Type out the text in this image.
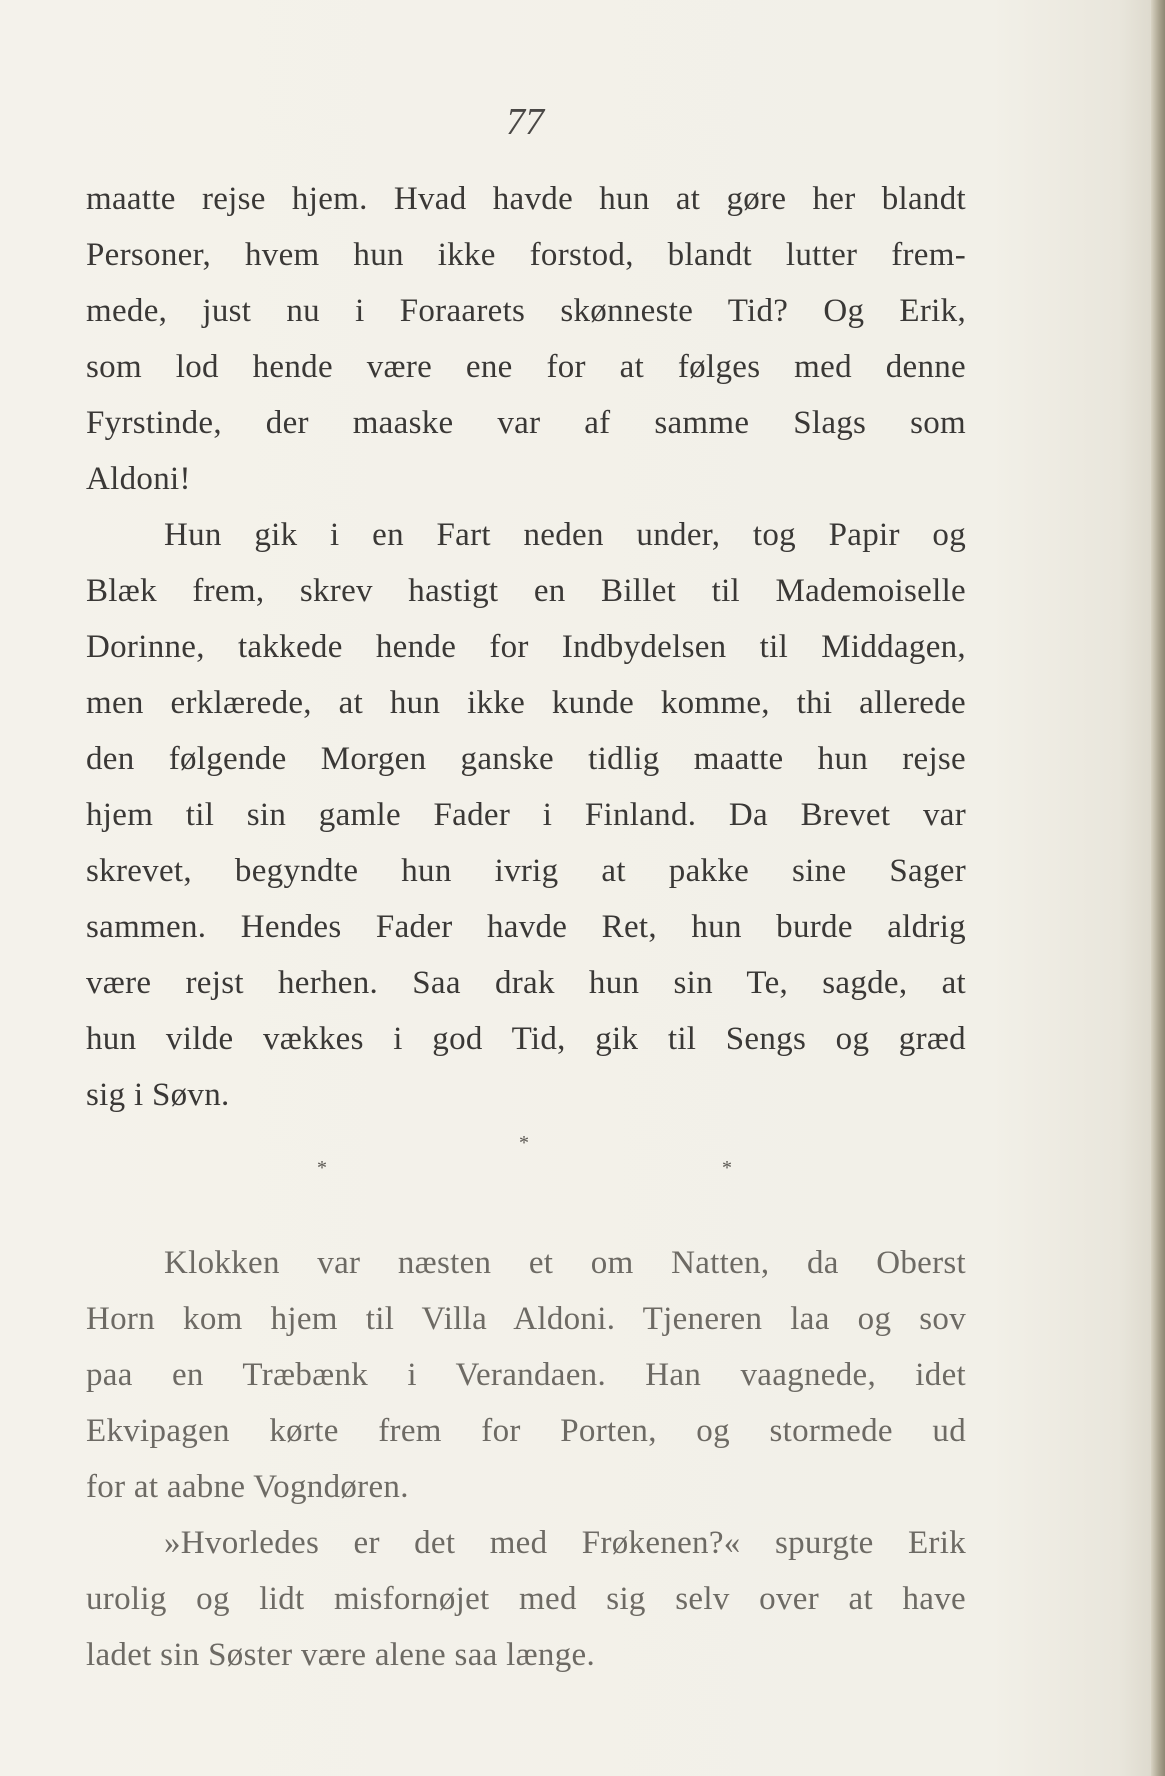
77
maatte rejse hjem. Hvad havde hun at gøre her blandt
Personer, hvem hun ikke forstod, blandt lutter frem-
mede, just nu i Foraarets skønneste Tid? Og Erik,
som lod hende være ene for at følges med denne
Fyrstinde, der maaske var af samme Slags som
Aldoni!
Hun gik i en Fart neden under, tog Papir og
Blæk frem, skrev hastigt en Billet til Mademoiselle
Dorinne, takkede hende for Indbydelsen til Middagen,
men erklærede, at hun ikke kunde komme, thi allerede
den følgende Morgen ganske tidlig maatte hun rejse
hjem til sin gamle Fader i Finland. Da Brevet var
skrevet, begyndte hun ivrig at pakke sine Sager
sammen. Hendes Fader havde Ret, hun burde aldrig
være rejst herhen. Saa drak hun sin Te, sagde, at
hun vilde vækkes i god Tid, gik til Sengs og græd
sig i Søvn.
Klokken var næsten et om Natten, da Oberst
Horn kom hjem til Villa Aldoni. Tjeneren laa og sov
paa en Træbænk i Verandaen. Han vaagnede, idet
Ekvipagen kørte frem for Porten, og stormede ud
for at aabne Vogndøren.
»Hvorledes er det med Frøkenen?« spurgte Erik
urolig og lidt misfornøjet med sig selv over at have
ladet sin Søster være alene saa længe.
*
*	*
